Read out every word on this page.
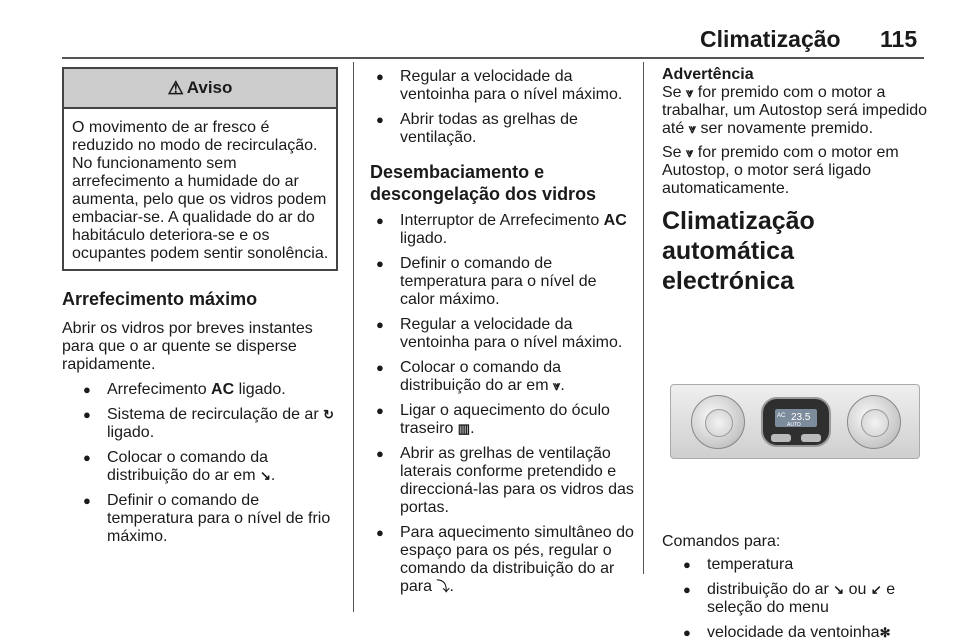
Climatização 115
⚠ Aviso
O movimento de ar fresco é reduzido no modo de recirculação. No funcionamento sem arrefecimento a humidade do ar aumenta, pelo que os vidros podem embaciar-se. A qualidade do ar do habitáculo deteriora-se e os ocupantes podem sentir sonolência.
Arrefecimento máximo

Abrir os vidros por breves instantes para que o ar quente se disperse rapidamente.

● Arrefecimento AC ligado.
● Sistema de recirculação de ar ↻ ligado.
● Colocar o comando da distribuição do ar em ↘.
● Definir o comando de temperatura para o nível de frio máximo.
● Regular a velocidade da ventoinha para o nível máximo.
● Abrir todas as grelhas de ventilação.
Desembaciamento e descongelação dos vidros
● Interruptor de Arrefecimento AC ligado.
● Definir o comando de temperatura para o nível de calor máximo.
● Regular a velocidade da ventoinha para o nível máximo.
● Colocar o comando da distribuição do ar em ⩔.
● Ligar o aquecimento do óculo traseiro ▥.
● Abrir as grelhas de ventilação laterais conforme pretendido e direccioná-las para os vidros das portas.
● Para aquecimento simultâneo do espaço para os pés, regular o comando da distribuição do ar para ⤵.

Advertência

Se ⩔ for premido com o motor a trabalhar, um Autostop será impedido até ⩔ ser novamente premido.

Se ⩔ for premido com o motor em Autostop, o motor será ligado automaticamente.

Climatização automática electrónica
AC 23.5
AUTO

Comandos para:

● temperatura
● distribuição do ar ↘ ou ↙ e seleção do menu
● velocidade da ventoinha✻
